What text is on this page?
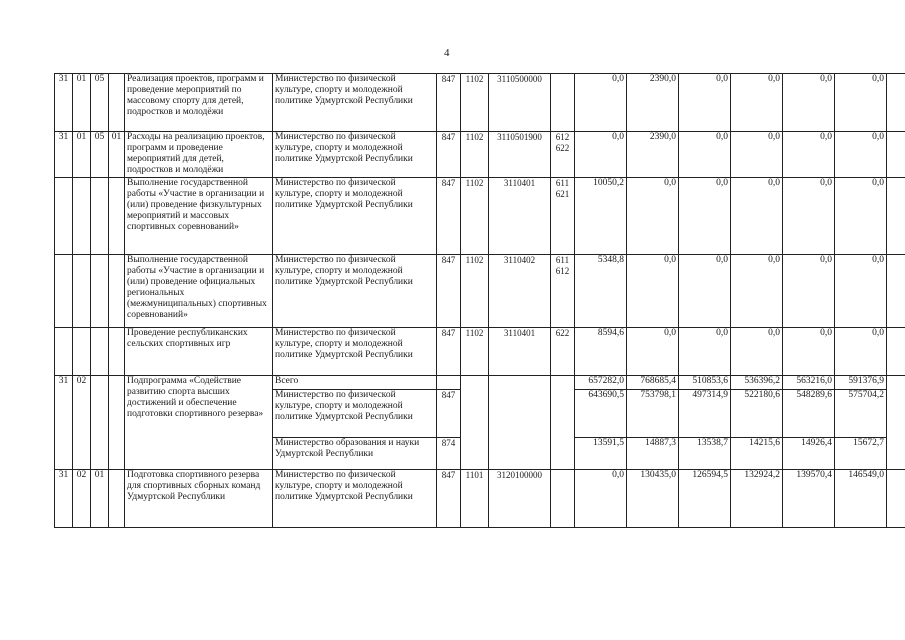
4
31	01	05		Реализация проектов, программ и проведение мероприятий по массовому спорту для детей, подростков и молодёжи	Министерство по физической культуре, спорту и молодежной политике Удмуртской Республики	847	1102	3110500000		0,0	2390,0	0,0	0,0	0,0	0,0	
31	01	05	01	Расходы на реализацию проектов, программ и проведение мероприятий для детей, подростков и молодёжи	Министерство по физической культуре, спорту и молодежной политике Удмуртской Республики	847	1102	3110501900	612 622	0,0	2390,0	0,0	0,0	0,0	0,0	
				Выполнение государственной работы «Участие в организации и (или) проведение физкультурных мероприятий и массовых спортивных соревнований»	Министерство по физической культуре, спорту и молодежной политике Удмуртской Республики	847	1102	3110401	611 621	10050,2	0,0	0,0	0,0	0,0	0,0	
				Выполнение государственной работы «Участие в организации и (или) проведение официальных региональных (межмуниципальных) спортивных соревнований»	Министерство по физической культуре, спорту и молодежной политике Удмуртской Республики	847	1102	3110402	611 612	5348,8	0,0	0,0	0,0	0,0	0,0	
				Проведение республиканских сельских спортивных игр	Министерство по физической культуре, спорту и молодежной политике Удмуртской Республики	847	1102	3110401	622	8594,6	0,0	0,0	0,0	0,0	0,0	
31	02			Подпрограмма «Содействие развитию спорта высших достижений и обеспечение подготовки спортивного резерва»	Всего					657282,0	768685,4	510853,6	536396,2	563216,0	591376,9	
					Министерство по физической культуре, спорту и молодежной политике Удмуртской Республики	847				643690,5	753798,1	497314,9	522180,6	548289,6	575704,2	
					Министерство образования и науки Удмуртской Республики	874				13591,5	14887,3	13538,7	14215,6	14926,4	15672,7	
31	02	01		Подготовка спортивного резерва для спортивных сборных команд Удмуртской Республики	Министерство по физической культуре, спорту и молодежной политике Удмуртской Республики	847	1101	3120100000		0,0	130435,0	126594,5	132924,2	139570,4	146549,0	
